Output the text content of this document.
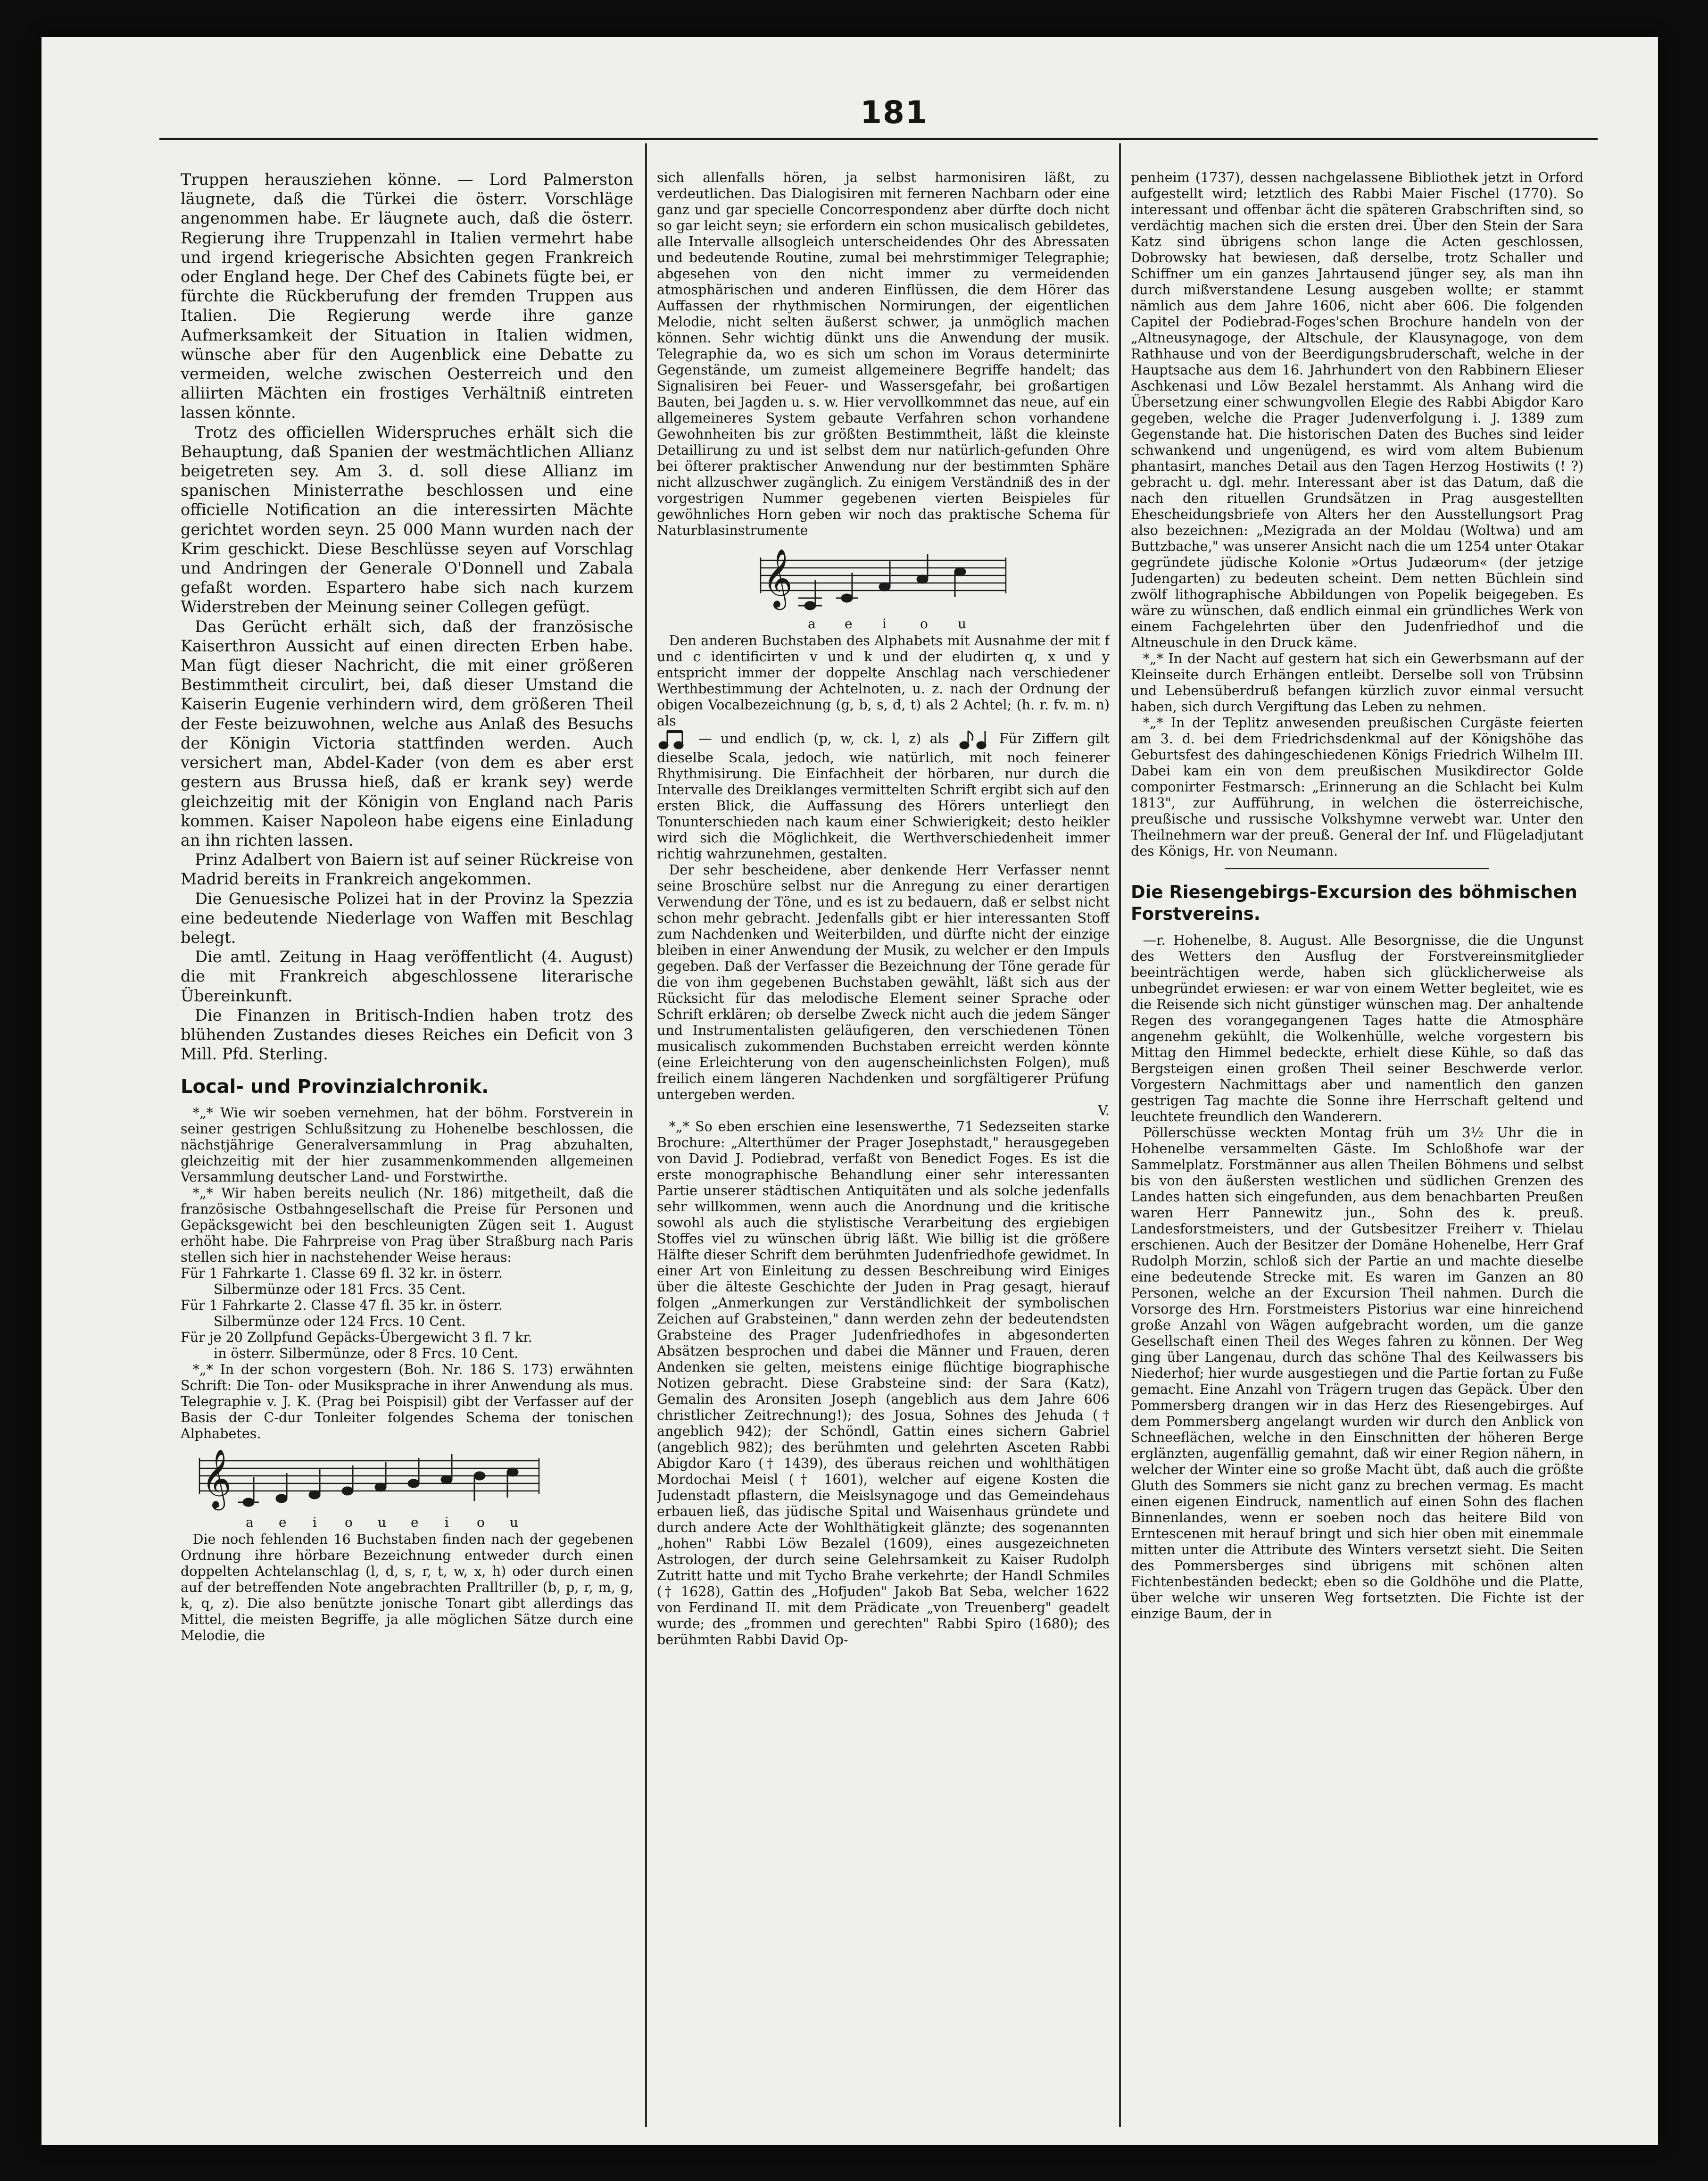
181

Truppen herausziehen könne. — Lord Palmerston läugnete, daß die Türkei die österr. Vorschläge angenommen habe. Er läugnete auch, daß die österr. Regierung ihre Truppenzahl in Italien vermehrt habe und irgend kriegerische Absichten gegen Frankreich oder England hege. Der Chef des Cabinets fügte bei, er fürchte die Rückberufung der fremden Truppen aus Italien. Die Regierung werde ihre ganze Aufmerksamkeit der Situation in Italien widmen, wünsche aber für den Augenblick eine Debatte zu vermeiden, welche zwischen Oesterreich und den alliirten Mächten ein frostiges Verhältniß eintreten lassen könnte.

Trotz des officiellen Widerspruches erhält sich die Behauptung, daß Spanien der westmächtlichen Allianz beigetreten sey. Am 3. d. soll diese Allianz im spanischen Ministerrathe beschlossen und eine officielle Notification an die interessirten Mächte gerichtet worden seyn. 25 000 Mann wurden nach der Krim geschickt. Diese Beschlüsse seyen auf Vorschlag und Andringen der Generale O'Donnell und Zabala gefaßt worden. Espartero habe sich nach kurzem Widerstreben der Meinung seiner Collegen gefügt.

Das Gerücht erhält sich, daß der französische Kaiserthron Aussicht auf einen directen Erben habe. Man fügt dieser Nachricht, die mit einer größeren Bestimmtheit circulirt, bei, daß dieser Umstand die Kaiserin Eugenie verhindern wird, dem größeren Theil der Feste beizuwohnen, welche aus Anlaß des Besuchs der Königin Victoria stattfinden werden. Auch versichert man, Abdel-Kader (von dem es aber erst gestern aus Brussa hieß, daß er krank sey) werde gleichzeitig mit der Königin von England nach Paris kommen. Kaiser Napoleon habe eigens eine Einladung an ihn richten lassen.

Prinz Adalbert von Baiern ist auf seiner Rückreise von Madrid bereits in Frankreich angekommen.

Die Genuesische Polizei hat in der Provinz la Spezzia eine bedeutende Niederlage von Waffen mit Beschlag belegt.

Die amtl. Zeitung in Haag veröffentlicht (4. August) die mit Frankreich abgeschlossene literarische Übereinkunft.

Die Finanzen in Britisch-Indien haben trotz des blühenden Zustandes dieses Reiches ein Deficit von 3 Mill. Pfd. Sterling.

Local- und Provinzialchronik.

*„* Wie wir soeben vernehmen, hat der böhm. Forstverein in seiner gestrigen Schlußsitzung zu Hohenelbe beschlossen, die nächstjährige Generalversammlung in Prag abzuhalten, gleichzeitig mit der hier zusammenkommenden allgemeinen Versammlung deutscher Land- und Forstwirthe.

*„* Wir haben bereits neulich (Nr. 186) mitgetheilt, daß die französische Ostbahngesellschaft die Preise für Personen und Gepäcksgewicht bei den beschleunigten Zügen seit 1. August erhöht habe. Die Fahrpreise von Prag über Straßburg nach Paris stellen sich hier in nachstehender Weise heraus:

Für 1 Fahrkarte 1. Classe 69 fl. 32 kr. in österr.

Silbermünze oder 181 Frcs. 35 Cent.

Für 1 Fahrkarte 2. Classe 47 fl. 35 kr. in österr.

Silbermünze oder 124 Frcs. 10 Cent.

Für je 20 Zollpfund Gepäcks-Übergewicht 3 fl. 7 kr.

in österr. Silbermünze, oder 8 Frcs. 10 Cent.

*„* In der schon vorgestern (Boh. Nr. 186 S. 173) erwähnten Schrift: Die Ton- oder Musiksprache in ihrer Anwendung als mus. Telegraphie v. J. K. (Prag bei Poispisil) gibt der Verfasser auf der Basis der C-dur Tonleiter folgendes Schema der tonischen Alphabetes.

𝄞
a e i o u e i o u

Die noch fehlenden 16 Buchstaben finden nach der gegebenen Ordnung ihre hörbare Bezeichnung entweder durch einen doppelten Achtelanschlag (l, d, s, r, t, w, x, h) oder durch einen auf der betreffenden Note angebrachten Pralltriller (b, p, r, m, g, k, q, z). Die also benützte jonische Tonart gibt allerdings das Mittel, die meisten Begriffe, ja alle möglichen Sätze durch eine Melodie, die

sich allenfalls hören, ja selbst harmonisiren läßt, zu verdeutlichen. Das Dialogisiren mit ferneren Nachbarn oder eine ganz und gar specielle Concorrespondenz aber dürfte doch nicht so gar leicht seyn; sie erfordern ein schon musicalisch gebildetes, alle Intervalle allsogleich unterscheidendes Ohr des Abressaten und bedeutende Routine, zumal bei mehrstimmiger Telegraphie; abgesehen von den nicht immer zu vermeidenden atmosphärischen und anderen Einflüssen, die dem Hörer das Auffassen der rhythmischen Normirungen, der eigentlichen Melodie, nicht selten äußerst schwer, ja unmöglich machen können. Sehr wichtig dünkt uns die Anwendung der musik. Telegraphie da, wo es sich um schon im Voraus determinirte Gegenstände, um zumeist allgemeinere Begriffe handelt; das Signalisiren bei Feuer- und Wassersgefahr, bei großartigen Bauten, bei Jagden u. s. w. Hier vervollkommnet das neue, auf ein allgemeineres System gebaute Verfahren schon vorhandene Gewohnheiten bis zur größten Bestimmtheit, läßt die kleinste Detaillirung zu und ist selbst dem nur natürlich-gefunden Ohre bei öfterer praktischer Anwendung nur der bestimmten Sphäre nicht allzuschwer zugänglich. Zu einigem Verständniß des in der vorgestrigen Nummer gegebenen vierten Beispieles für gewöhnliches Horn geben wir noch das praktische Schema für Naturblasinstrumente

𝄞
a e i	o u

Den anderen Buchstaben des Alphabets mit Ausnahme der mit f und c identificirten v und k und der eludirten q, x und y entspricht immer der doppelte Anschlag nach verschiedener Werthbestimmung der Achtelnoten, u. z. nach der Ordnung der obigen Vocalbezeichnung (g, b, s, d, t) als 2 Achtel; (h. r. fv. m. n) als

— und endlich (p, w, ck. l, z) als	Für Ziffern gilt dieselbe Scala, jedoch, wie natürlich, mit noch feinerer Rhythmisirung. Die Einfachheit der hörbaren, nur durch die Intervalle des Dreiklanges vermittelten Schrift ergibt sich auf den ersten Blick, die Auffassung des Hörers unterliegt den Tonunterschieden nach kaum einer Schwierigkeit; desto heikler wird sich die Möglichkeit, die Werthverschiedenheit immer richtig wahrzunehmen, gestalten.

Der sehr bescheidene, aber denkende Herr Verfasser nennt seine Broschüre selbst nur die Anregung zu einer derartigen Verwendung der Töne, und es ist zu bedauern, daß er selbst nicht schon mehr gebracht. Jedenfalls gibt er hier interessanten Stoff zum Nachdenken und Weiterbilden, und dürfte nicht der einzige bleiben in einer Anwendung der Musik, zu welcher er den Impuls gegeben. Daß der Verfasser die Bezeichnung der Töne gerade für die von ihm gegebenen Buchstaben gewählt, läßt sich aus der Rücksicht für das melodische Element seiner Sprache oder Schrift erklären; ob derselbe Zweck nicht auch die jedem Sänger und Instrumentalisten geläufigeren, den verschiedenen Tönen musicalisch zukommenden Buchstaben erreicht werden könnte (eine Erleichterung von den augenscheinlichsten Folgen), muß freilich einem längeren Nachdenken und sorgfältigerer Prüfung untergeben werden.

V.

*„* So eben erschien eine lesenswerthe, 71 Sedezseiten starke Brochure: „Alterthümer der Prager Josephstadt," herausgegeben von David J. Podiebrad, verfaßt von Benedict Foges. Es ist die erste monographische Behandlung einer sehr interessanten Partie unserer städtischen Antiquitäten und als solche jedenfalls sehr willkommen, wenn auch die Anordnung und die kritische sowohl als auch die stylistische Verarbeitung des ergiebigen Stoffes viel zu wünschen übrig läßt. Wie billig ist die größere Hälfte dieser Schrift dem berühmten Judenfriedhofe gewidmet. In einer Art von Einleitung zu dessen Beschreibung wird Einiges über die älteste Geschichte der Juden in Prag gesagt, hierauf folgen „Anmerkungen zur Verständlichkeit der symbolischen Zeichen auf Grabsteinen," dann werden zehn der bedeutendsten Grabsteine des Prager Judenfriedhofes in abgesonderten Absätzen besprochen und dabei die Männer und Frauen, deren Andenken sie gelten, meistens einige flüchtige biographische Notizen gebracht. Diese Grabsteine sind: der Sara (Katz), Gemalin des Aronsiten Joseph (angeblich aus dem Jahre 606 christlicher Zeitrechnung!); des Josua, Sohnes des Jehuda († angeblich 942); der Schöndl, Gattin eines sichern Gabriel (angeblich 982); des berühmten und gelehrten Asceten Rabbi Abigdor Karo († 1439), des überaus reichen und wohlthätigen Mordochai Meisl († 1601), welcher auf eigene Kosten die Judenstadt pflastern, die Meislsynagoge und das Gemeindehaus erbauen ließ, das jüdische Spital und Waisenhaus gründete und durch andere Acte der Wohlthätigkeit glänzte; des sogenannten „hohen" Rabbi Löw Bezalel (1609), eines ausgezeichneten Astrologen, der durch seine Gelehrsamkeit zu Kaiser Rudolph Zutritt hatte und mit Tycho Brahe verkehrte; der Handl Schmiles († 1628), Gattin des „Hofjuden" Jakob Bat Seba, welcher 1622 von Ferdinand II. mit dem Prädicate „von Treuenberg" geadelt wurde; des „frommen und gerechten" Rabbi Spiro (1680); des berühmten Rabbi David Op-

penheim (1737), dessen nachgelassene Bibliothek jetzt in Orford aufgestellt wird; letztlich des Rabbi Maier Fischel (1770). So interessant und offenbar ächt die späteren Grabschriften sind, so verdächtig machen sich die ersten drei. Über den Stein der Sara Katz sind übrigens schon lange die Acten geschlossen, Dobrowsky hat bewiesen, daß derselbe, trotz Schaller und Schiffner um ein ganzes Jahrtausend jünger sey, als man ihn durch mißverstandene Lesung ausgeben wollte; er stammt nämlich aus dem Jahre 1606, nicht aber 606. Die folgenden Capitel der Podiebrad-Foges'schen Brochure handeln von der „Altneusynagoge, der Altschule, der Klausynagoge, von dem Rathhause und von der Beerdigungsbruderschaft, welche in der Hauptsache aus dem 16. Jahrhundert von den Rabbinern Elieser Aschkenasi und Löw Bezalel herstammt. Als Anhang wird die Übersetzung einer schwungvollen Elegie des Rabbi Abigdor Karo gegeben, welche die Prager Judenverfolgung i. J. 1389 zum Gegenstande hat. Die historischen Daten des Buches sind leider schwankend und ungenügend, es wird vom altem Bubienum phantasirt, manches Detail aus den Tagen Herzog Hostiwits (! ?) gebracht u. dgl. mehr. Interessant aber ist das Datum, daß die nach den rituellen Grundsätzen in Prag ausgestellten Ehescheidungsbriefe von Alters her den Ausstellungsort Prag also bezeichnen: „Mezigrada an der Moldau (Woltwa) und am Buttzbache," was unserer Ansicht nach die um 1254 unter Otakar gegründete jüdische Kolonie »Ortus Judæorum« (der jetzige Judengarten) zu bedeuten scheint. Dem netten Büchlein sind zwölf lithographische Abbildungen von Popelik beigegeben. Es wäre zu wünschen, daß endlich einmal ein gründliches Werk von einem Fachgelehrten über den Judenfriedhof und die Altneuschule in den Druck käme.

*„* In der Nacht auf gestern hat sich ein Gewerbsmann auf der Kleinseite durch Erhängen entleibt. Derselbe soll von Trübsinn und Lebensüberdruß befangen kürzlich zuvor einmal versucht haben, sich durch Vergiftung das Leben zu nehmen.

*„* In der Teplitz anwesenden preußischen Curgäste feierten am 3. d. bei dem Friedrichsdenkmal auf der Königshöhe das Geburtsfest des dahingeschiedenen Königs Friedrich Wilhelm III. Dabei kam ein von dem preußischen Musikdirector Golde componirter Festmarsch: „Erinnerung an die Schlacht bei Kulm 1813", zur Aufführung, in welchen die österreichische, preußische und russische Volkshymne verwebt war. Unter den Theilnehmern war der preuß. General der Inf. und Flügeladjutant des Königs, Hr. von Neumann.

Die Riesengebirgs-Excursion des böhmischen Forstvereins.

—r. Hohenelbe, 8. August. Alle Besorgnisse, die die Ungunst des Wetters den Ausflug der Forstvereinsmitglieder beeinträchtigen werde, haben sich glücklicherweise als unbegründet erwiesen: er war von einem Wetter begleitet, wie es die Reisende sich nicht günstiger wünschen mag. Der anhaltende Regen des vorangegangenen Tages hatte die Atmosphäre angenehm gekühlt, die Wolkenhülle, welche vorgestern bis Mittag den Himmel bedeckte, erhielt diese Kühle, so daß das Bergsteigen einen großen Theil seiner Beschwerde verlor. Vorgestern Nachmittags aber und namentlich den ganzen gestrigen Tag machte die Sonne ihre Herrschaft geltend und leuchtete freundlich den Wanderern.

Pöllerschüsse weckten Montag früh um 3½ Uhr die in Hohenelbe versammelten Gäste. Im Schloßhofe war der Sammelplatz. Forstmänner aus allen Theilen Böhmens und selbst bis von den äußersten westlichen und südlichen Grenzen des Landes hatten sich eingefunden, aus dem benachbarten Preußen waren Herr Pannewitz jun., Sohn des k. preuß. Landesforstmeisters, und der Gutsbesitzer Freiherr v. Thielau erschienen. Auch der Besitzer der Domäne Hohenelbe, Herr Graf Rudolph Morzin, schloß sich der Partie an und machte dieselbe eine bedeutende Strecke mit. Es waren im Ganzen an 80 Personen, welche an der Excursion Theil nahmen. Durch die Vorsorge des Hrn. Forstmeisters Pistorius war eine hinreichend große Anzahl von Wägen aufgebracht worden, um die ganze Gesellschaft einen Theil des Weges fahren zu können. Der Weg ging über Langenau, durch das schöne Thal des Keilwassers bis Niederhof; hier wurde ausgestiegen und die Partie fortan zu Fuße gemacht. Eine Anzahl von Trägern trugen das Gepäck. Über den Pommersberg drangen wir in das Herz des Riesengebirges. Auf dem Pommersberg angelangt wurden wir durch den Anblick von Schneeflächen, welche in den Einschnitten der höheren Berge erglänzten, augenfällig gemahnt, daß wir einer Region nähern, in welcher der Winter eine so große Macht übt, daß auch die größte Gluth des Sommers sie nicht ganz zu brechen vermag. Es macht einen eigenen Eindruck, namentlich auf einen Sohn des flachen Binnenlandes, wenn er soeben noch das heitere Bild von Erntescenen mit herauf bringt und sich hier oben mit einemmale mitten unter die Attribute des Winters versetzt sieht. Die Seiten des Pommersberges sind übrigens mit schönen alten Fichtenbeständen bedeckt; eben so die Goldhöhe und die Platte, über welche wir unseren Weg fortsetzten. Die Fichte ist der einzige Baum, der in
